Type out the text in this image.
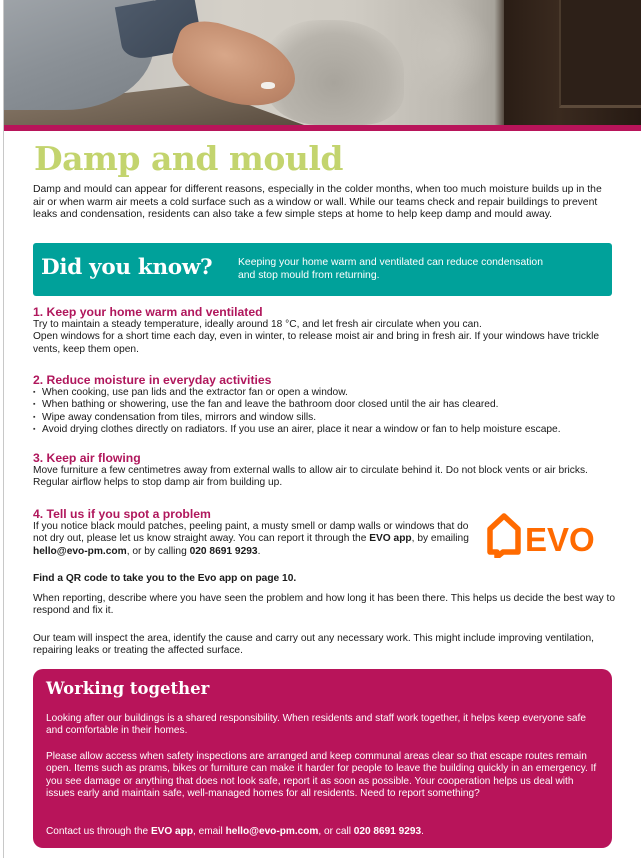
Damp and mould

Damp and mould can appear for different reasons, especially in the colder months, when too much moisture builds up in the air or when warm air meets a cold surface such as a window or wall. While our teams check and repair buildings to prevent leaks and condensation, residents can also take a few simple steps at home to help keep damp and mould away.

Did you know? Keeping your home warm and ventilated can reduce condensation and stop mould from returning.

1. Keep your home warm and ventilated

Try to maintain a steady temperature, ideally around 18 °C, and let fresh air circulate when you can.

Open windows for a short time each day, even in winter, to release moist air and bring in fresh air. If your windows have trickle vents, keep them open.

2. Reduce moisture in everyday activities
▪ When cooking, use pan lids and the extractor fan or open a window.
▪ When bathing or showering, use the fan and leave the bathroom door closed until the air has cleared.
▪ Wipe away condensation from tiles, mirrors and window sills.
▪ Avoid drying clothes directly on radiators. If you use an airer, place it near a window or fan to help moisture escape.
3. Keep air flowing

Move furniture a few centimetres away from external walls to allow air to circulate behind it. Do not block vents or air bricks. Regular airflow helps to stop damp air from building up.

4. Tell us if you spot a problem

If you notice black mould patches, peeling paint, a musty smell or damp walls or windows that do not dry out, please let us know straight away. You can report it through the EVO app, by emailing hello@evo-pm.com, or by calling 020 8691 9293.	EVO

Find a QR code to take you to the Evo app on page 10.

When reporting, describe where you have seen the problem and how long it has been there. This helps us decide the best way to respond and fix it.

Our team will inspect the area, identify the cause and carry out any necessary work. This might include improving ventilation, repairing leaks or treating the affected surface.

Working together

Looking after our buildings is a shared responsibility. When residents and staff work together, it helps keep everyone safe and comfortable in their homes.

Please allow access when safety inspections are arranged and keep communal areas clear so that escape routes remain open. Items such as prams, bikes or furniture can make it harder for people to leave the building quickly in an emergency. If you see damage or anything that does not look safe, report it as soon as possible. Your cooperation helps us deal with issues early and maintain safe, well-managed homes for all residents. Need to report something?

Contact us through the EVO app, email hello@evo-pm.com, or call 020 8691 9293.
